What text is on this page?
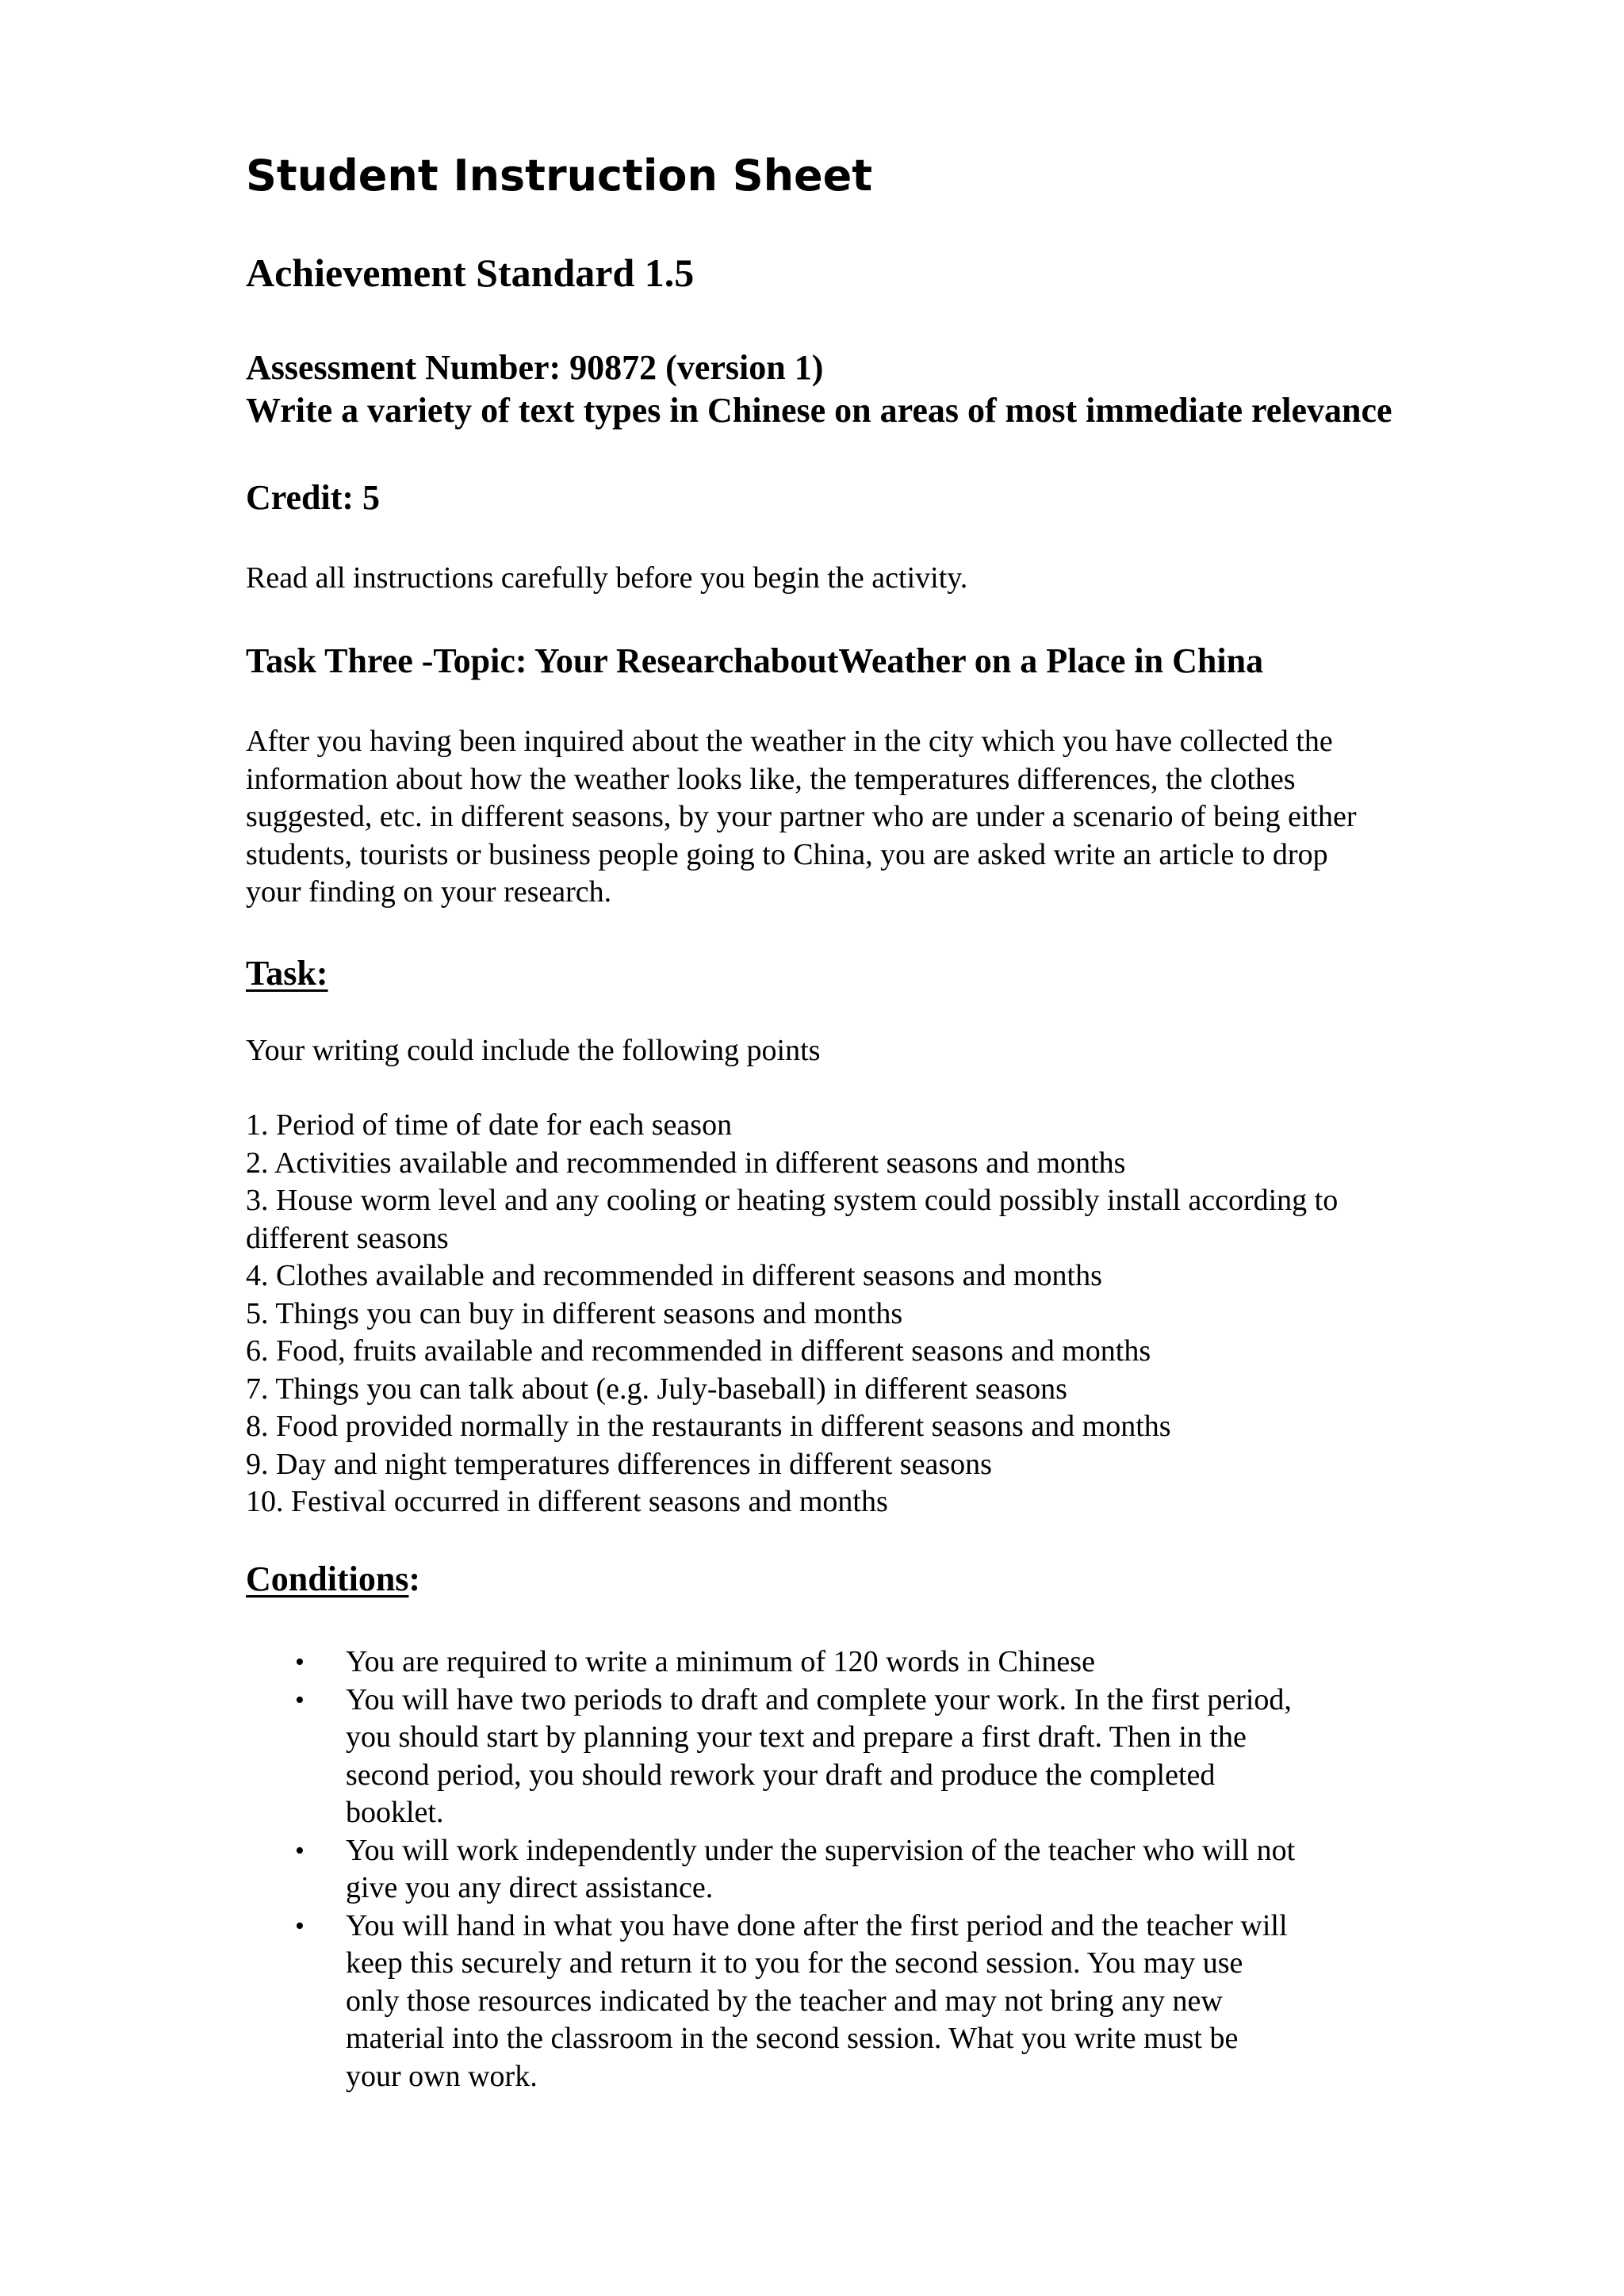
Student Instruction Sheet
Achievement Standard 1.5
Assessment Number: 90872 (version 1)
Write a variety of text types in Chinese on areas of most immediate relevance
Credit: 5

Read all instructions carefully before you begin the activity.

Task Three -Topic: Your ResearchaboutWeather on a Place in China

After you having been inquired about the weather in the city which you have collected the
information about how the weather looks like, the temperatures differences, the clothes
suggested, etc. in different seasons, by your partner who are under a scenario of being either
students, tourists or business people going to China, you are asked write an article to drop
your finding on your research.

Task:

Your writing could include the following points

1. Period of time of date for each season
2. Activities available and recommended in different seasons and months
3. House worm level and any cooling or heating system could possibly install according to
different seasons
4. Clothes available and recommended in different seasons and months
5. Things you can buy in different seasons and months
6. Food, fruits available and recommended in different seasons and months
7. Things you can talk about (e.g. July-baseball) in different seasons
8. Food provided normally in the restaurants in different seasons and months
9. Day and night temperatures differences in different seasons
10. Festival occurred in different seasons and months
Conditions:
• You are required to write a minimum of 120 words in Chinese
• You will have two periods to draft and complete your work. In the first period,
you should start by planning your text and prepare a first draft. Then in the
second period, you should rework your draft and produce the completed
booklet.
• You will work independently under the supervision of the teacher who will not
give you any direct assistance.
• You will hand in what you have done after the first period and the teacher will
keep this securely and return it to you for the second session. You may use
only those resources indicated by the teacher and may not bring any new
material into the classroom in the second session. What you write must be
your own work.
